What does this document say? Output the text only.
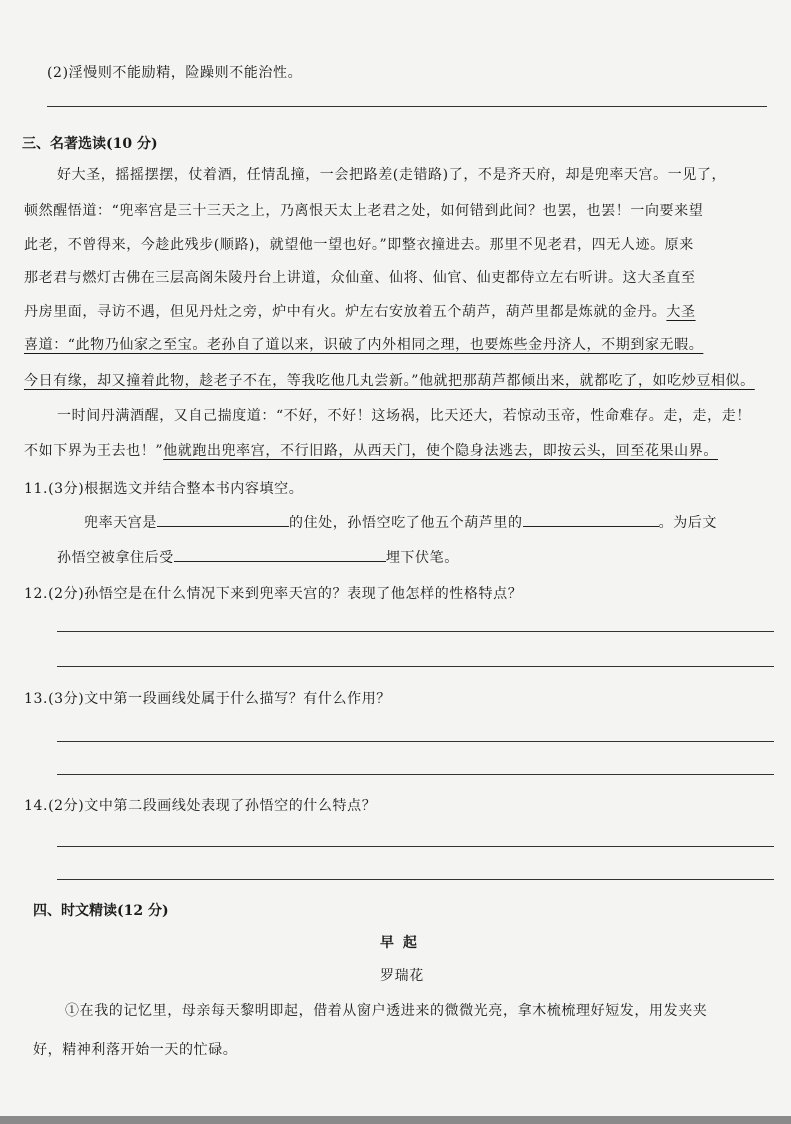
(2)淫慢则不能励精，险躁则不能治性。
三、名著选读(10 分)
好大圣，摇摇摆摆，仗着酒，任情乱撞，一会把路差(走错路)了，不是齐天府，却是兜率天宫。一见了，
顿然醒悟道：“兜率宫是三十三天之上，乃离恨天太上老君之处，如何错到此间？也罢，也罢！一向要来望
此老，不曾得来，今趁此残步(顺路)，就望他一望也好。”即整衣撞进去。那里不见老君，四无人迹。原来
那老君与燃灯古佛在三层高阁朱陵丹台上讲道，众仙童、仙将、仙官、仙吏都侍立左右听讲。这大圣直至
丹房里面，寻访不遇，但见丹灶之旁，炉中有火。炉左右安放着五个葫芦，葫芦里都是炼就的金丹。大圣
喜道：“此物乃仙家之至宝。老孙自了道以来，识破了内外相同之理，也要炼些金丹济人，不期到家无暇。
今日有缘，却又撞着此物，趁老子不在，等我吃他几丸尝新。”他就把那葫芦都倾出来，就都吃了，如吃炒豆相似。
一时间丹满酒醒，又自己揣度道：“不好，不好！这场祸，比天还大，若惊动玉帝，性命难存。走，走，走！
不如下界为王去也！”他就跑出兜率宫，不行旧路，从西天门，使个隐身法逃去，即按云头，回至花果山界。
11.(3分)根据选文并结合整本书内容填空。
兜率天宫是	的住处，孙悟空吃了他五个葫芦里的	。为后文
孙悟空被拿住后受	埋下伏笔。
12.(2分)孙悟空是在什么情况下来到兜率天宫的？表现了他怎样的性格特点？
13.(3分)文中第一段画线处属于什么描写？有什么作用？
14.(2分)文中第二段画线处表现了孙悟空的什么特点？
四、时文精读(12 分)
早 起
罗瑞花
①在我的记忆里，母亲每天黎明即起，借着从窗户透进来的微微光亮，拿木梳梳理好短发，用发夹夹
好，精神利落开始一天的忙碌。
